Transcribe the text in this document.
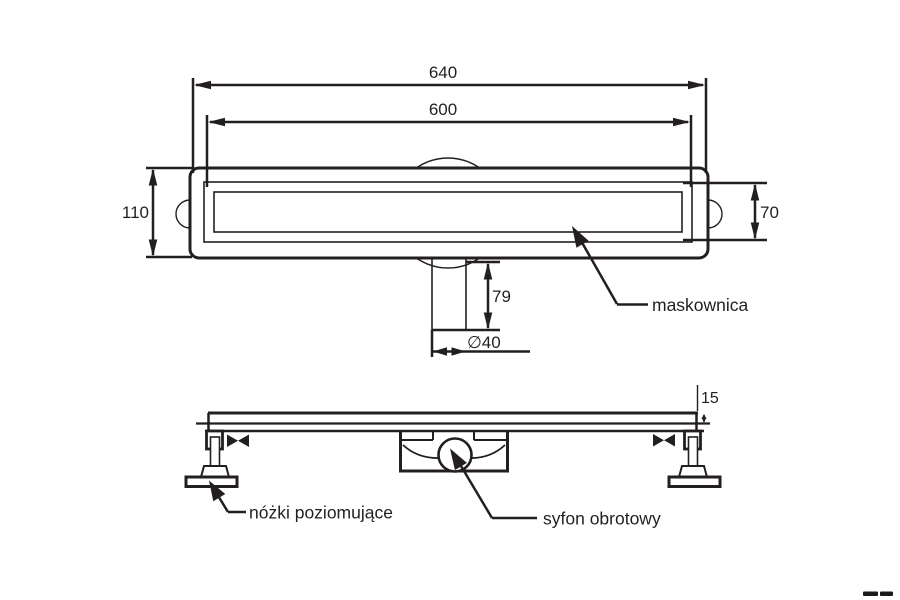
640
600
110	70
79
∅40
maskownica
15
syfon obrotowy
nóżki poziomujące
